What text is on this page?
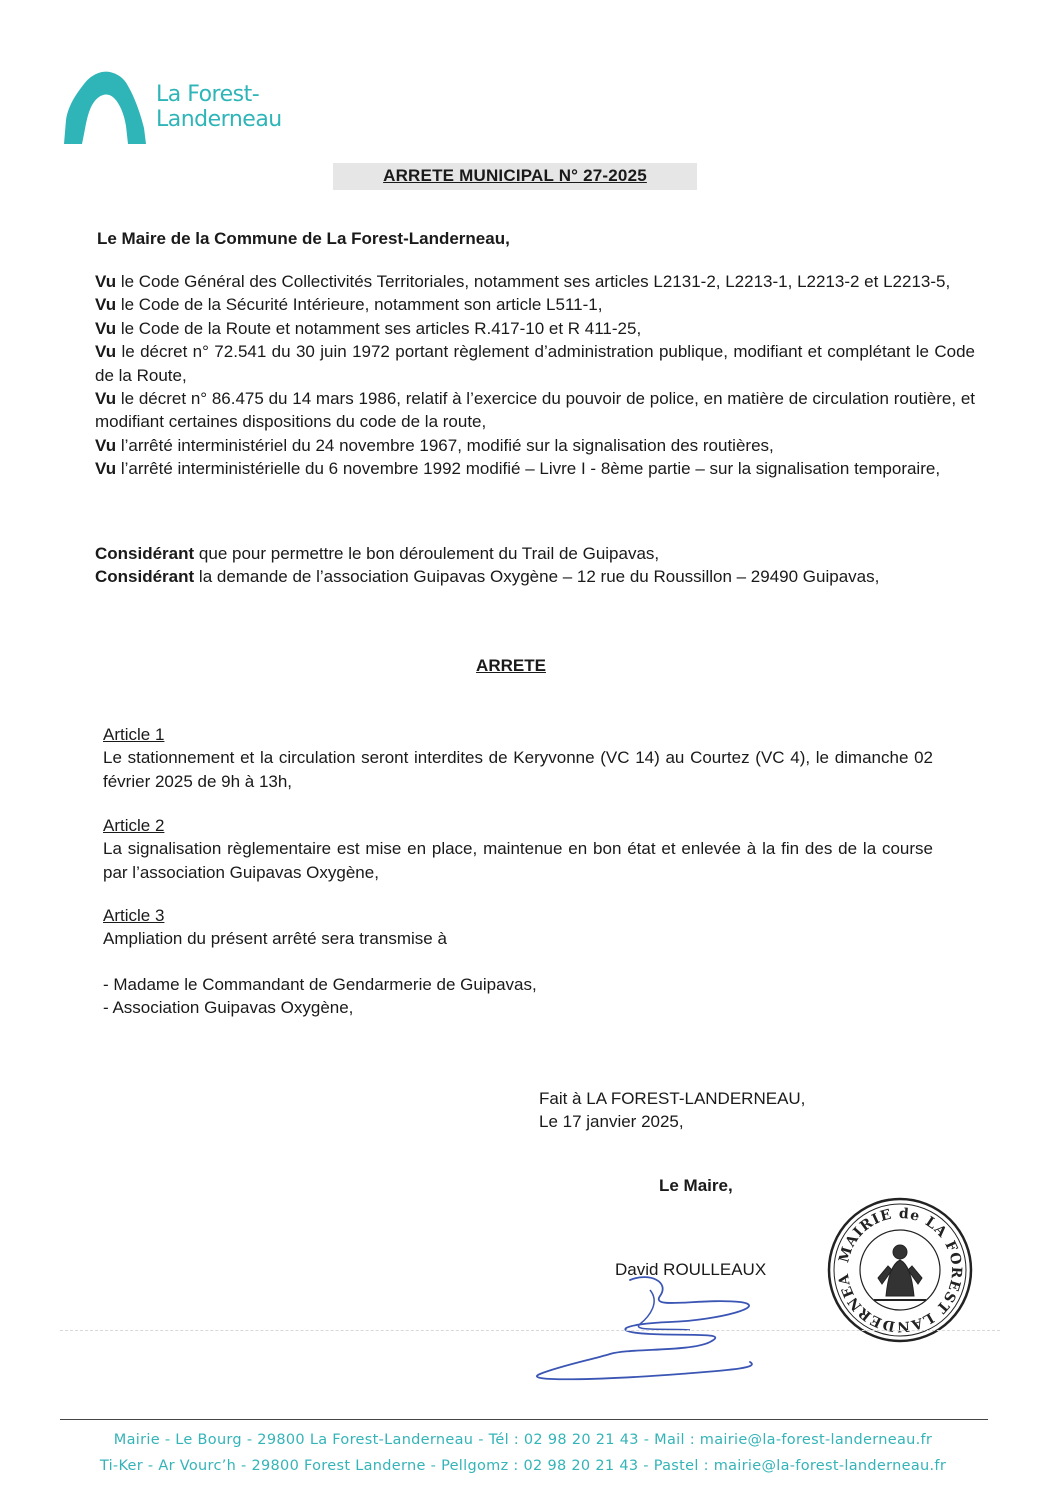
La Forest-
Landerneau
ARRETE MUNICIPAL N° 27-2025
Le Maire de la Commune de La Forest-Landerneau,

Vu le Code Général des Collectivités Territoriales, notamment ses articles L2131-2, L2213-1, L2213-2 et L2213-5,

Vu le Code de la Sécurité Intérieure, notamment son article L511-1,

Vu le Code de la Route et notamment ses articles R.417-10 et R 411-25,

Vu le décret n° 72.541 du 30 juin 1972 portant règlement d’administration publique, modifiant et complétant le Code de la Route,

Vu le décret n° 86.475 du 14 mars 1986, relatif à l’exercice du pouvoir de police, en matière de circulation routière, et modifiant certaines dispositions du code de la route,

Vu l’arrêté interministériel du 24 novembre 1967, modifié sur la signalisation des routières,

Vu l’arrêté interministérielle du 6 novembre 1992 modifié – Livre I - 8ème partie – sur la signalisation temporaire,

Considérant que pour permettre le bon déroulement du Trail de Guipavas,

Considérant la demande de l’association Guipavas Oxygène – 12 rue du Roussillon – 29490 Guipavas,

ARRETE

Article 1

Le stationnement et la circulation seront interdites de Keryvonne (VC 14) au Courtez (VC 4), le dimanche 02 février 2025 de 9h à 13h,

Article 2

La signalisation règlementaire est mise en place, maintenue en bon état et enlevée à la fin des de la course par l’association Guipavas Oxygène,

Article 3

Ampliation du présent arrêté sera transmise à

- Madame le Commandant de Gendarmerie de Guipavas,
- Association Guipavas Oxygène,
Fait à LA FOREST-LANDERNEAU,
Le 17 janvier 2025,
Le Maire,
MAIRIE de LA FOREST LANDERNEA
David ROULLEAUX
Mairie - Le Bourg - 29800 La Forest-Landerneau - Tél : 02 98 20 21 43 - Mail : mairie@la-forest-landerneau.fr
Ti-Ker - Ar Vourc’h - 29800 Forest Landerne - Pellgomz : 02 98 20 21 43 - Pastel : mairie@la-forest-landerneau.fr
